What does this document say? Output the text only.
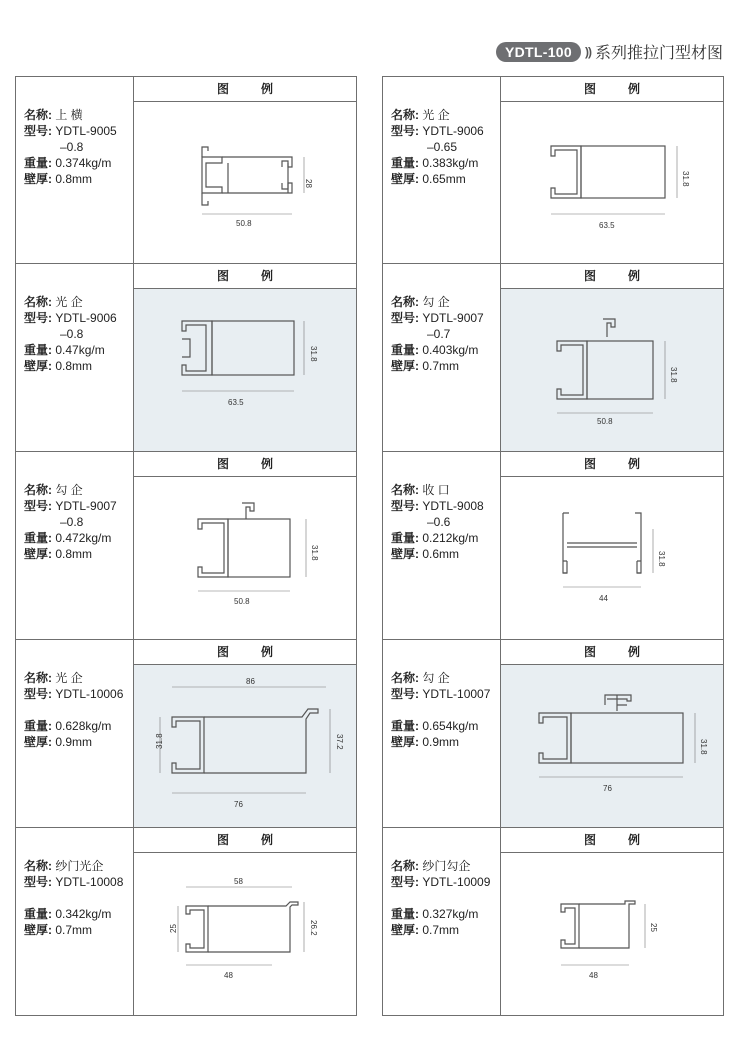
YDTL-100	)) 系列推拉门型材图
名称: 上 横
型号: YDTL-9005
–0.8
重量: 0.374kg/m
壁厚: 0.8mm
图例
28
50.8
名称: 光 企
型号: YDTL-9006
–0.8
重量: 0.47kg/m
壁厚: 0.8mm
图例
31.8
63.5
名称: 勾 企
型号: YDTL-9007
–0.8
重量: 0.472kg/m
壁厚: 0.8mm
图例
31.8
50.8
名称: 光 企
型号: YDTL-10006
重量: 0.628kg/m
壁厚: 0.9mm
图例
86
31.8	37.2
76
名称: 纱门光企
型号: YDTL-10008
重量: 0.342kg/m
壁厚: 0.7mm
图例
58
25	26.2
48
名称: 光 企
型号: YDTL-9006
–0.65
重量: 0.383kg/m
壁厚: 0.65mm
图例
31.8
63.5
名称: 勾 企
型号: YDTL-9007
–0.7
重量: 0.403kg/m
壁厚: 0.7mm
图例
31.8
50.8
名称: 收 口
型号: YDTL-9008
–0.6
重量: 0.212kg/m
壁厚: 0.6mm
图例
31.8
44
名称: 勾 企
型号: YDTL-10007
重量: 0.654kg/m
壁厚: 0.9mm
图例
31.8
76
名称: 纱门勾企
型号: YDTL-10009
重量: 0.327kg/m
壁厚: 0.7mm
图例
25
48
